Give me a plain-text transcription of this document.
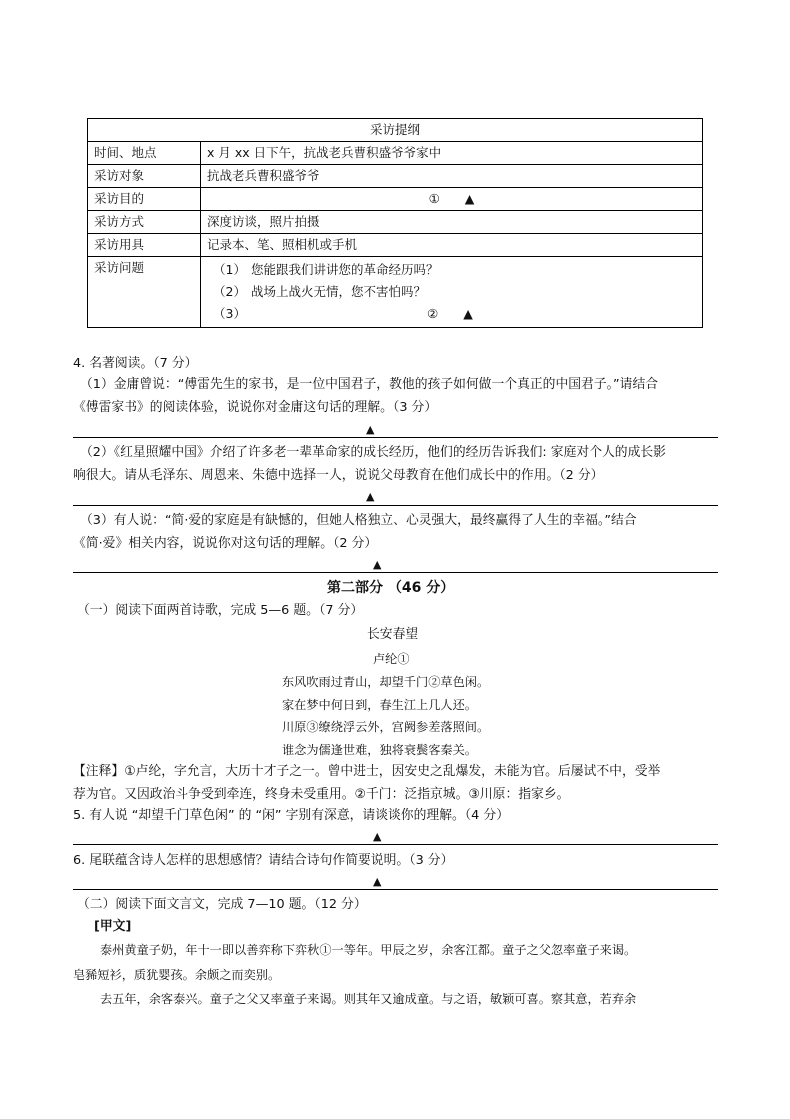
采访提纲	
时间、地点	x 月 xx 日下午，抗战老兵曹积盛爷爷家中
采访对象	抗战老兵曹积盛爷爷
采访目的	①　　▲
采访方式	深度访谈，照片拍摄
采访用具	记录本、笔、照相机或手机
采访问题	（1） 您能跟我们讲讲您的革命经历吗？
（2） 战场上战火无情，您不害怕吗？
（3） ②　　▲
4. 名著阅读。（7 分）
（1）金庸曾说：“傅雷先生的家书，是一位中国君子，教他的孩子如何做一个真正的中国君子。”请结合
《傅雷家书》的阅读体验，说说你对金庸这句话的理解。（3 分）
▲
（2）《红星照耀中国》介绍了许多老一辈革命家的成长经历，他们的经历告诉我们: 家庭对个人的成长影
响很大。请从毛泽东、周恩来、朱德中选择一人，说说父母教育在他们成长中的作用。（2 分）
▲
（3）有人说：“简·爱的家庭是有缺憾的，但她人格独立、心灵强大，最终赢得了人生的幸福。”结合
《简·爱》相关内容，说说你对这句话的理解。（2 分）
▲
第二部分 （46 分）
（一）阅读下面两首诗歌，完成 5—6 题。（7 分）
长安春望
卢纶①
东风吹雨过青山，却望千门②草色闲。
家在梦中何日到，春生江上几人还。
川原③缭绕浮云外，宫阙参差落照间。
谁念为儒逢世难，独将衰鬓客秦关。
【注释】①卢纶，字允言，大历十才子之一。曾中进士，因安史之乱爆发，未能为官。后屡试不中，受举
荐为官。又因政治斗争受到牵连，终身未受重用。②千门：泛指京城。③川原：指家乡。
5. 有人说 “却望千门草色闲” 的 “闲” 字别有深意，请谈谈你的理解。（4 分）
▲
6. 尾联蕴含诗人怎样的思想感情？请结合诗句作简要说明。（3 分）
▲
（二）阅读下面文言文，完成 7—10 题。（12 分）
[甲文]
泰州黄童子奶，年十一即以善弈称下弈秋①一等年。甲辰之岁，余客江都。童子之父忽率童子来谒。
皂豨短衫，质犹婴孩。余颇之而奕别。
去五年，余客泰兴。童子之父又率童子来谒。则其年又逾成童。与之语，敏颖可喜。察其意，若弃余
